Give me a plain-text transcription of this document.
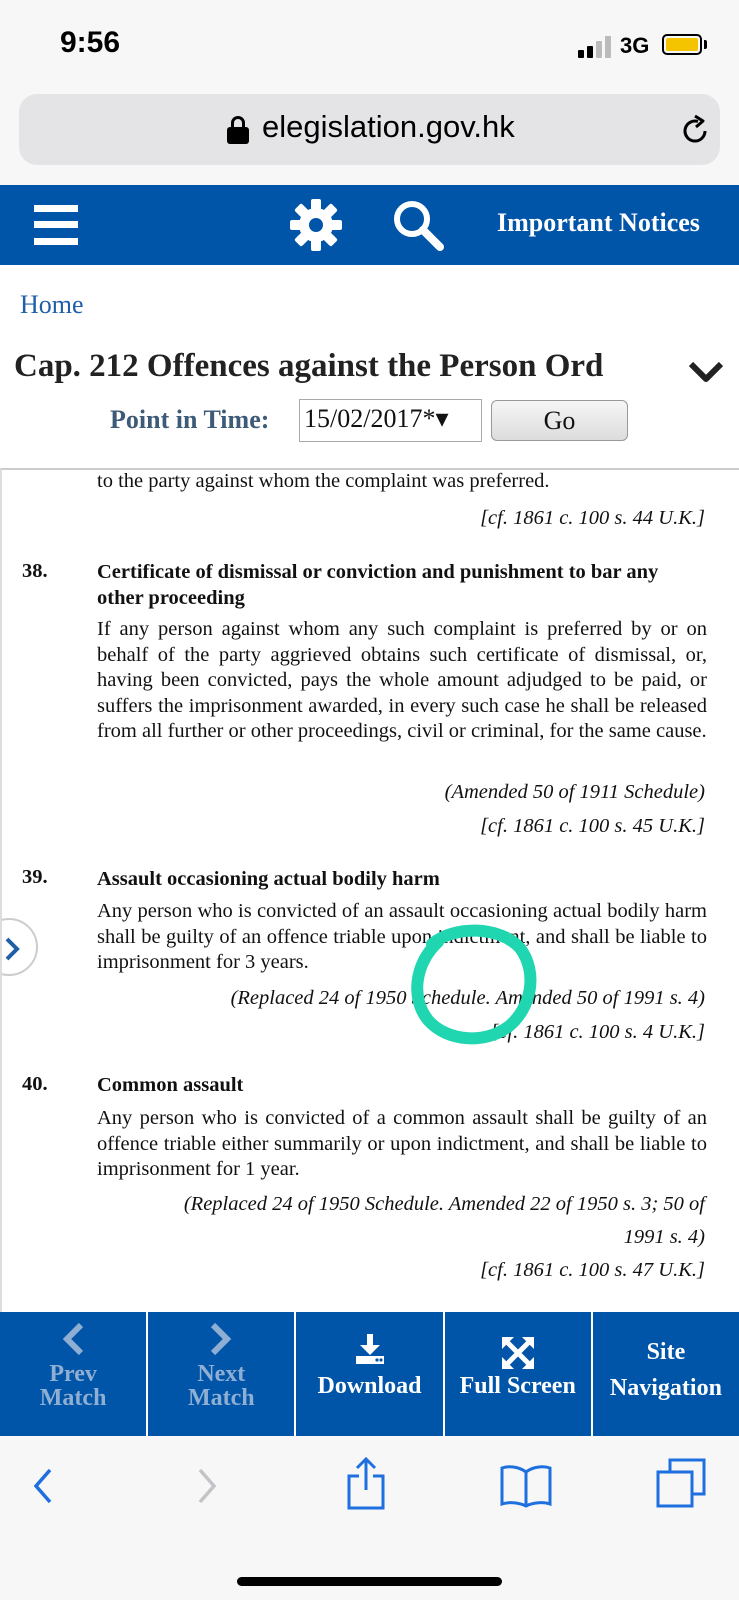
9:56	3G
elegislation.gov.hk
Important Notices
Home
Cap. 212 Offences against the Person Ord
Point in Time: 15/02/2017*▾	Go

to the party against whom the complaint was preferred.
[cf. 1861 c. 100 s. 44 U.K.]
38. Certificate of dismissal or conviction and punishment to bar any other proceeding
If any person against whom any such complaint is preferred by or on behalf of the party aggrieved obtains such certificate of dismissal, or, having been convicted, pays the whole amount adjudged to be paid, or suffers the imprisonment awarded, in every such case he shall be released from all further or other proceedings, civil or criminal, for the same cause.
(Amended 50 of 1911 Schedule)
[cf. 1861 c. 100 s. 45 U.K.]
39. Assault occasioning actual bodily harm
Any person who is convicted of an assault occasioning actual bodily harm shall be guilty of an offence triable upon indictment, and shall be liable to imprisonment for 3 years.
(Replaced 24 of 1950 Schedule. Amended 50 of 1991 s. 4)
[cf. 1861 c. 100 s. 4 U.K.]
40. Common assault
Any person who is convicted of a common assault shall be guilty of an offence triable either summarily or upon indictment, and shall be liable to imprisonment for 1 year.
(Replaced 24 of 1950 Schedule. Amended 22 of 1950 s. 3; 50 of
1991 s. 4)
[cf. 1861 c. 100 s. 47 U.K.]
Prev
Match
Next
Match	Download	Full Screen
Site
Navigation
